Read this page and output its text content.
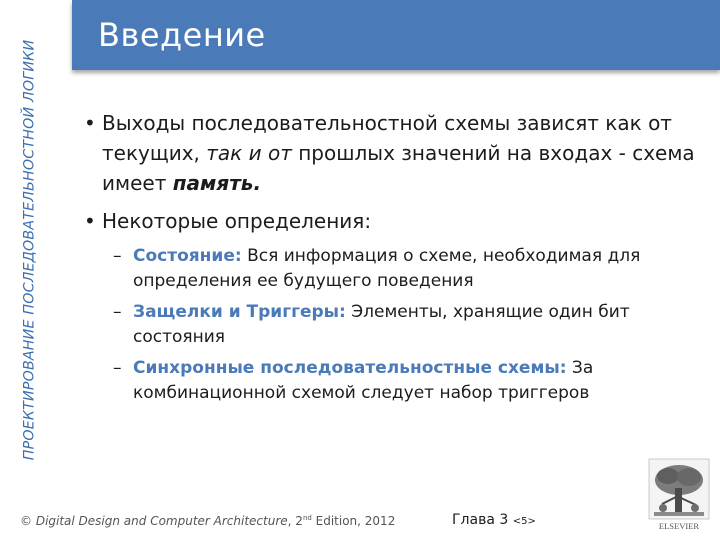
ПРОЕКТИРОВАНИЕ ПОСЛЕДОВАТЕЛЬНОСТНОЙ ЛОГИКИ
Введение
• Выходы последовательностной схемы зависят как от текущих, так и от прошлых значений на входах - схема имеет память.
• Некоторые определения:
– Состояние: Вся информация о схеме, необходимая для определения ее будущего поведения
– Защелки и Триггеры: Элементы, хранящие один бит состояния
– Синхронные последовательностные схемы: За комбинационной схемой следует набор триггеров
© Digital Design and Computer Architecture, 2nd Edition, 2012	Глава 3 <5>	ELSEVIER
